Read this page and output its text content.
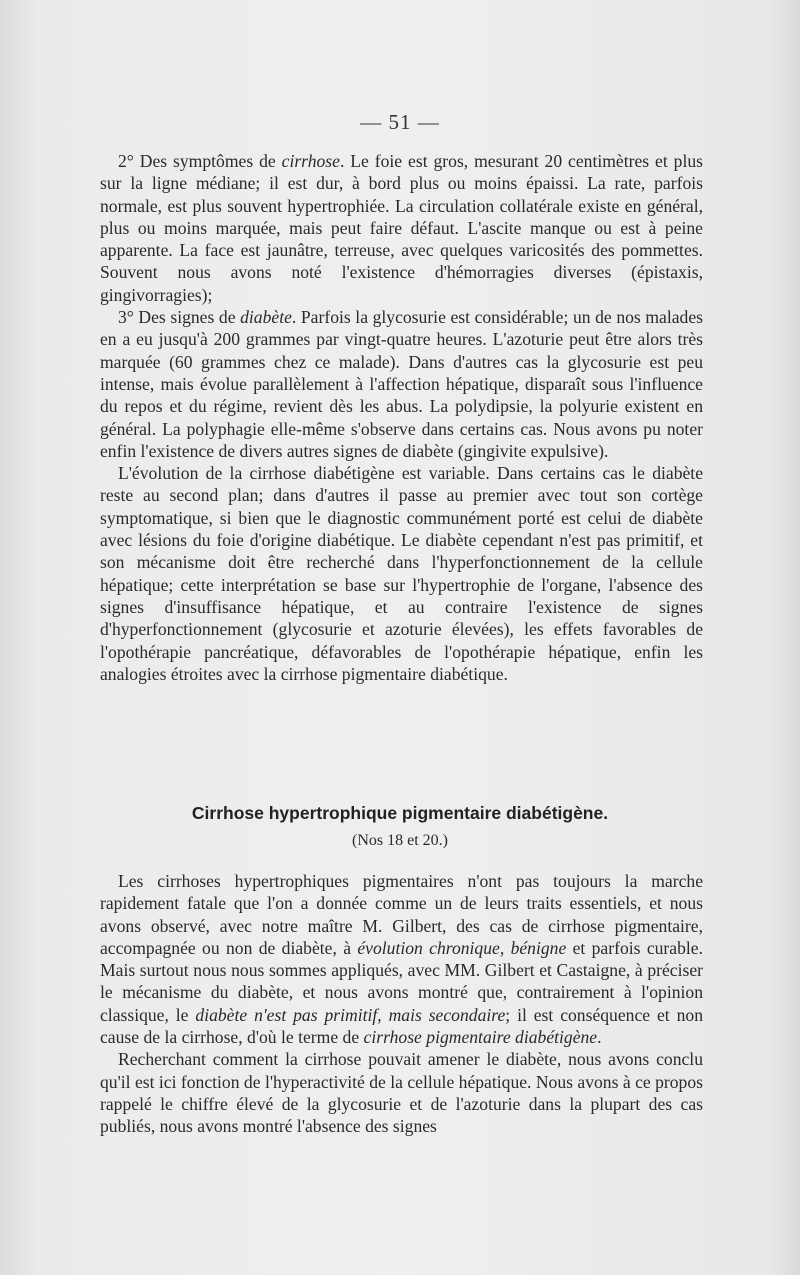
— 51 —

2° Des symptômes de cirrhose. Le foie est gros, mesurant 20 centimètres et plus sur la ligne médiane; il est dur, à bord plus ou moins épaissi. La rate, parfois normale, est plus souvent hypertrophiée. La circulation collatérale existe en général, plus ou moins marquée, mais peut faire défaut. L'ascite manque ou est à peine apparente. La face est jaunâtre, terreuse, avec quelques varicosités des pommettes. Souvent nous avons noté l'existence d'hémorragies diverses (épistaxis, gingivorragies);

3° Des signes de diabète. Parfois la glycosurie est considérable; un de nos malades en a eu jusqu'à 200 grammes par vingt-quatre heures. L'azoturie peut être alors très marquée (60 grammes chez ce malade). Dans d'autres cas la glycosurie est peu intense, mais évolue parallèlement à l'affection hépatique, disparaît sous l'influence du repos et du régime, revient dès les abus. La polydipsie, la polyurie existent en général. La polyphagie elle-même s'observe dans certains cas. Nous avons pu noter enfin l'existence de divers autres signes de diabète (gingivite expulsive).

L'évolution de la cirrhose diabétigène est variable. Dans certains cas le diabète reste au second plan; dans d'autres il passe au premier avec tout son cortège symptomatique, si bien que le diagnostic communément porté est celui de diabète avec lésions du foie d'origine diabétique. Le diabète cependant n'est pas primitif, et son mécanisme doit être recherché dans l'hyperfonctionnement de la cellule hépatique; cette interprétation se base sur l'hypertrophie de l'organe, l'absence des signes d'insuffisance hépatique, et au contraire l'existence de signes d'hyperfonctionnement (glycosurie et azoturie élevées), les effets favorables de l'opothérapie pancréatique, défavorables de l'opothérapie hépatique, enfin les analogies étroites avec la cirrhose pigmentaire diabétique.

Cirrhose hypertrophique pigmentaire diabétigène.
(Nos 18 et 20.)

Les cirrhoses hypertrophiques pigmentaires n'ont pas toujours la marche rapidement fatale que l'on a donnée comme un de leurs traits essentiels, et nous avons observé, avec notre maître M. Gilbert, des cas de cirrhose pigmentaire, accompagnée ou non de diabète, à évolution chronique, bénigne et parfois curable. Mais surtout nous nous sommes appliqués, avec MM. Gilbert et Castaigne, à préciser le mécanisme du diabète, et nous avons montré que, contrairement à l'opinion classique, le diabète n'est pas primitif, mais secondaire; il est conséquence et non cause de la cirrhose, d'où le terme de cirrhose pigmentaire diabétigène.

Recherchant comment la cirrhose pouvait amener le diabète, nous avons conclu qu'il est ici fonction de l'hyperactivité de la cellule hépatique. Nous avons à ce propos rappelé le chiffre élevé de la glycosurie et de l'azoturie dans la plupart des cas publiés, nous avons montré l'absence des signes
